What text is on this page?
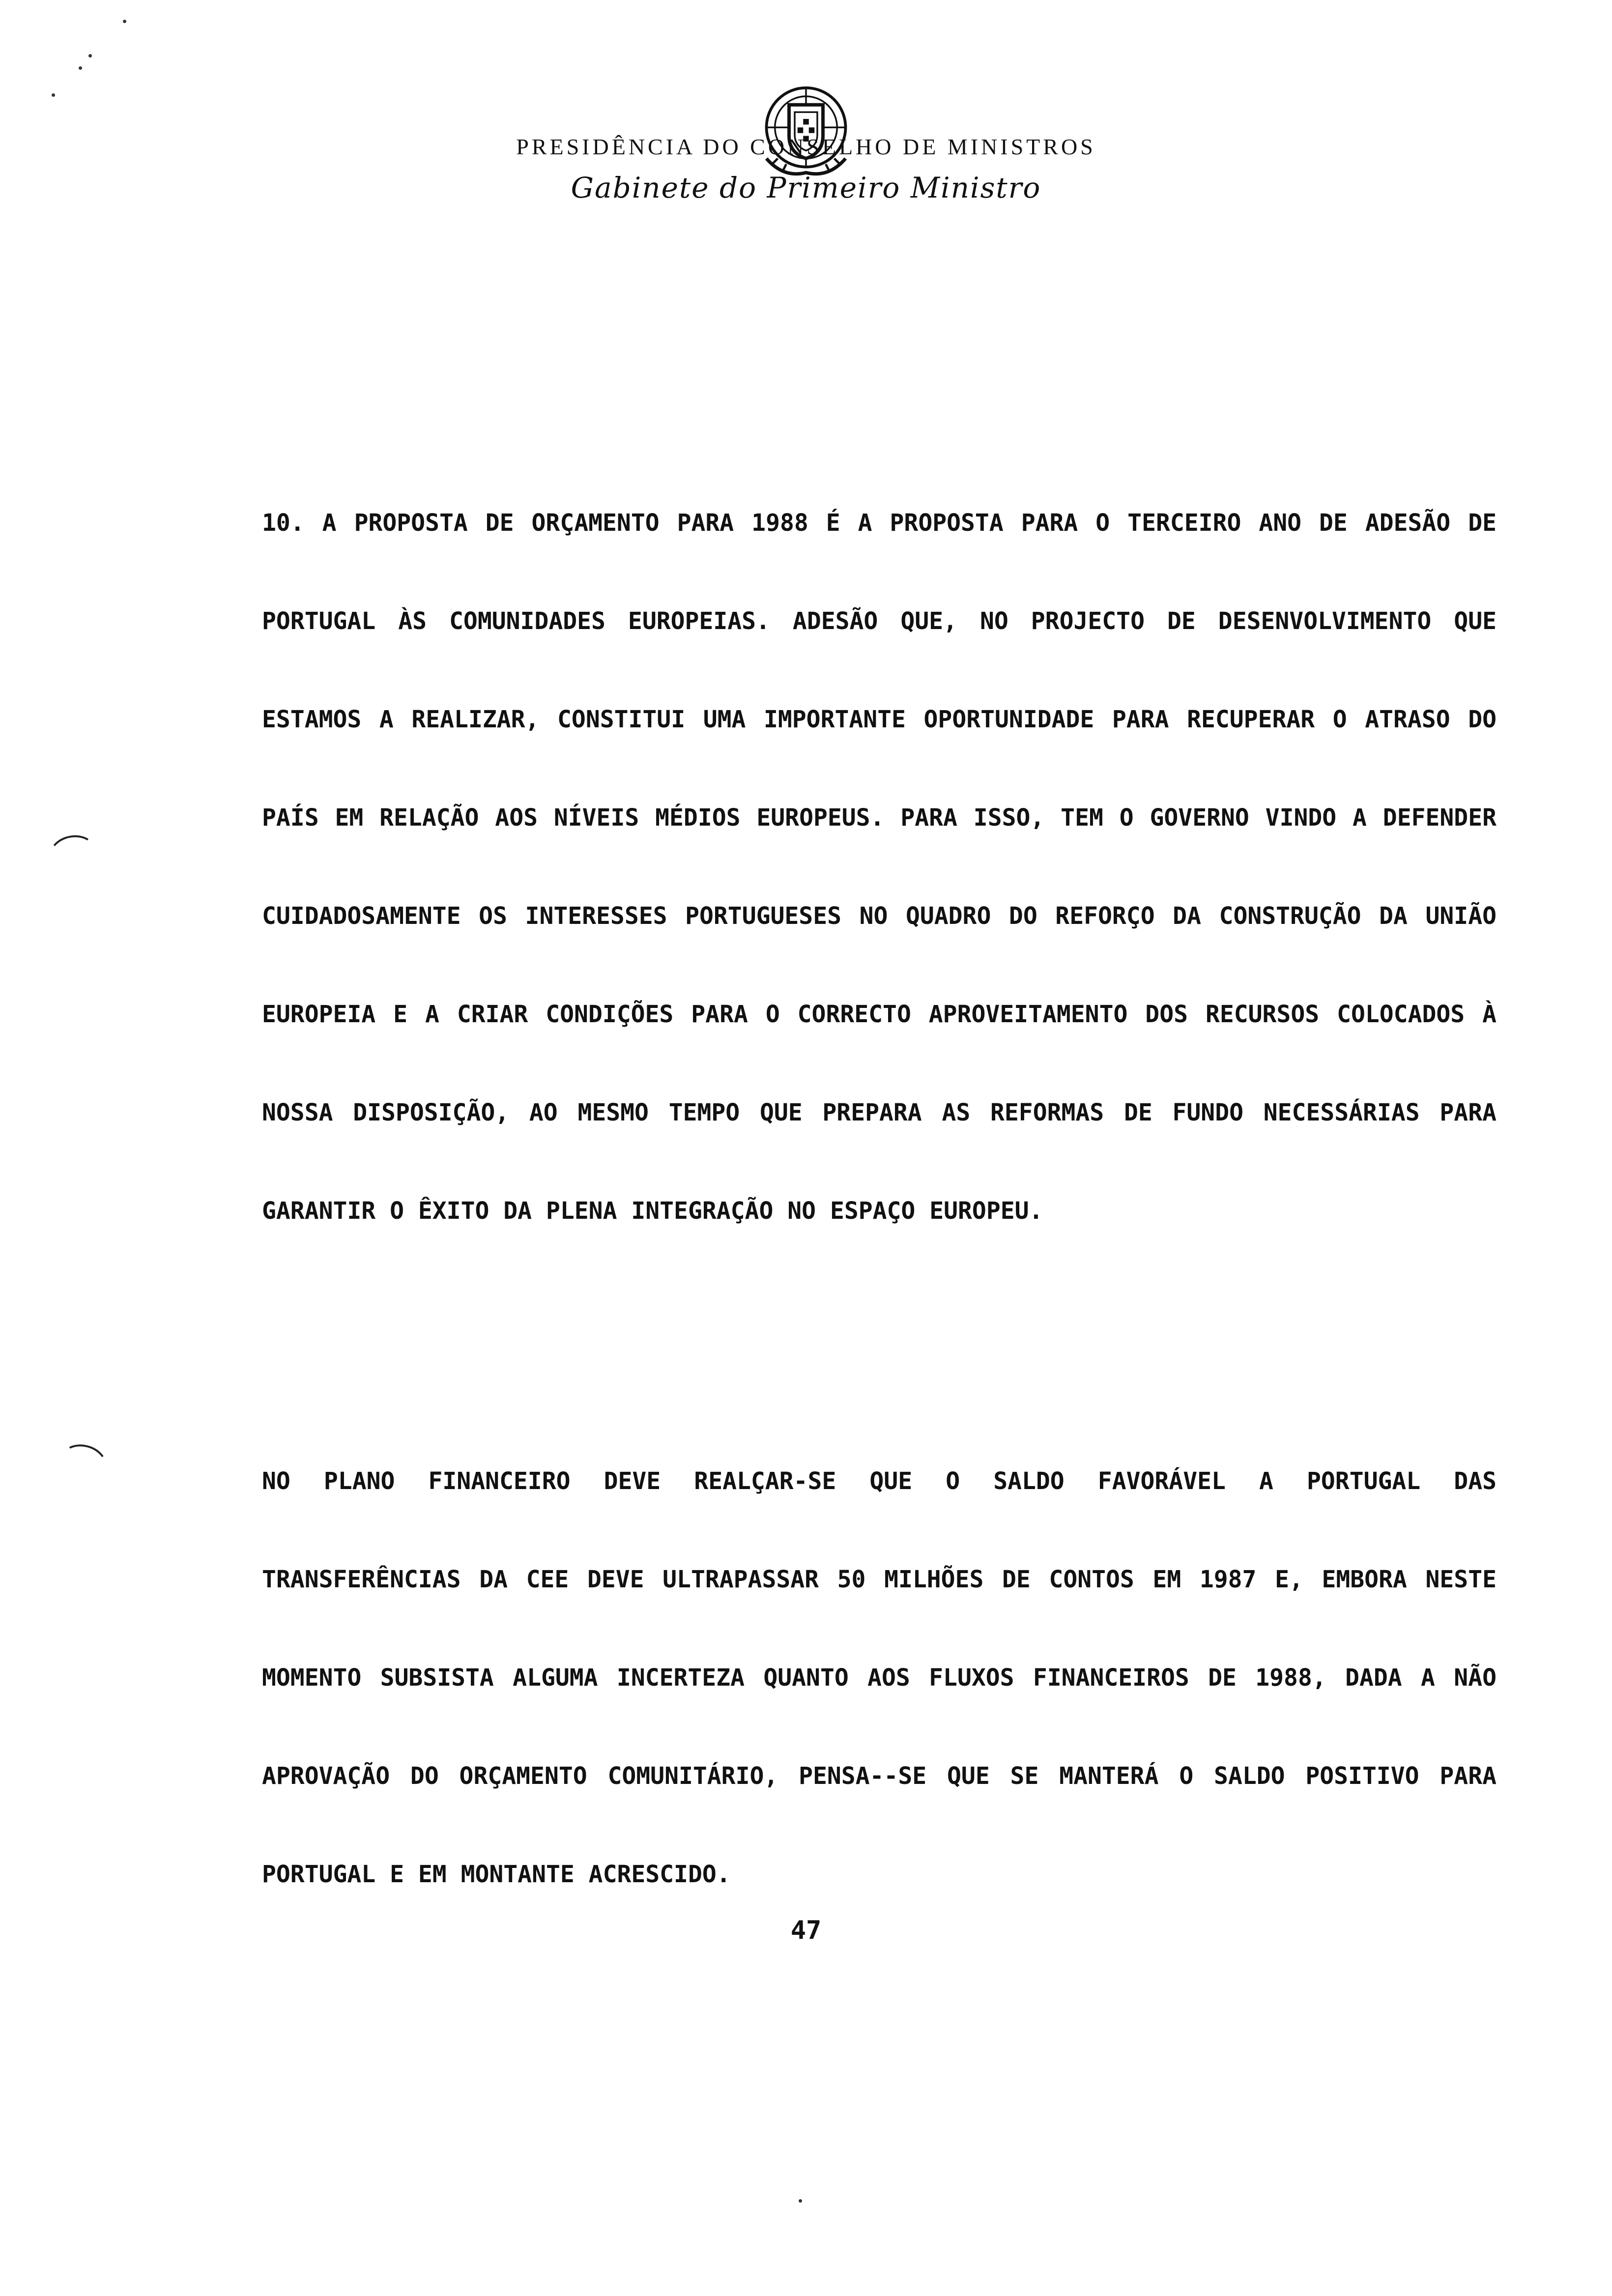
PRESIDÊNCIA DO CONSELHO DE MINISTROS
Gabinete do Primeiro Ministro
10. A PROPOSTA DE ORÇAMENTO PARA 1988 É A PROPOSTA PARA O TERCEIRO ANO DE ADESÃO DE PORTUGAL ÀS COMUNIDADES EUROPEIAS. ADESÃO QUE, NO PROJECTO DE DESENVOLVIMENTO QUE ESTAMOS A REALIZAR, CONSTITUI UMA IMPORTANTE OPORTUNIDADE PARA RECUPERAR O ATRASO DO PAÍS EM RELAÇÃO AOS NÍVEIS MÉDIOS EUROPEUS. PARA ISSO, TEM O GOVERNO VINDO A DEFENDER CUIDADOSAMENTE OS INTERESSES PORTUGUESES NO QUADRO DO REFORÇO DA CONSTRUÇÃO DA UNIÃO EUROPEIA E A CRIAR CONDIÇÕES PARA O CORRECTO APROVEITAMENTO DOS RECURSOS COLOCADOS À NOSSA DISPOSIÇÃO, AO MESMO TEMPO QUE PREPARA AS REFORMAS DE FUNDO NECESSÁRIAS PARA GARANTIR O ÊXITO DA PLENA INTEGRAÇÃO NO ESPAÇO EUROPEU.
NO PLANO FINANCEIRO DEVE REALÇAR-SE QUE O SALDO FAVORÁVEL A PORTUGAL DAS TRANSFERÊNCIAS DA CEE DEVE ULTRAPASSAR 50 MILHÕES DE CONTOS EM 1987 E, EMBORA NESTE MOMENTO SUBSISTA ALGUMA INCERTEZA QUANTO AOS FLUXOS FINANCEIROS DE 1988, DADA A NÃO APROVAÇÃO DO ORÇAMENTO COMUNITÁRIO, PENSA--SE QUE SE MANTERÁ O SALDO POSITIVO PARA PORTUGAL E EM MONTANTE ACRESCIDO.
47
